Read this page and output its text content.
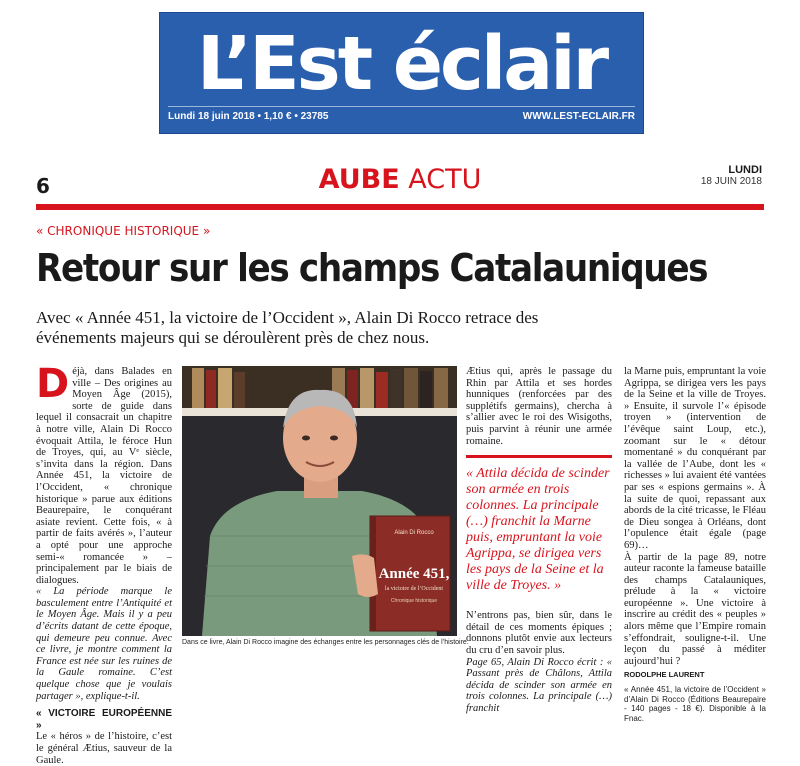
L’Est éclair
Lundi 18 juin 2018 • 1,10 € • 23785	WWW.LEST-ECLAIR.FR
6	AUBE ACTU	LUNDI
18 JUIN 2018
« CHRONIQUE HISTORIQUE »
Retour sur les champs Catalauniques
Avec « Année 451, la victoire de l’Occident », Alain Di Rocco retrace des événements majeurs qui se déroulèrent près de chez nous.
D éjà, dans Balades en ville – Des origines au Moyen Âge (2015), sorte de guide dans lequel il consacrait un chapitre à notre ville, Alain Di Rocco évoquait Attila, le féroce Hun de Troyes, qui, au Vᵉ siècle, s’invita dans la région. Dans Année 451, la victoire de l’Occident, « chronique historique » parue aux éditions Beaurepaire, le conquérant asiate revient. Cette fois, « à partir de faits avérés », l’auteur a opté pour une approche semi-« romancée » – principalement par le biais de dialogues.
« La période marque le basculement entre l’Antiquité et le Moyen Âge. Mais il y a peu d’écrits datant de cette époque, qui demeure peu connue. Avec ce livre, je montre comment la France est née sur les ruines de la Gaule romaine. C’est quelque chose que je voulais partager », explique-t-il.
« VICTOIRE EUROPÉENNE »
Le « héros » de l’histoire, c’est le général Ætius, sauveur de la Gaule.
Alain Di Rocco
Année 451,
la victoire de l’Occident
Chronique historique
Dans ce livre, Alain Di Rocco imagine des échanges entre les personnages clés de l’histoire.
Ætius qui, après le passage du Rhin par Attila et ses hordes hunniques (renforcées par des supplétifs germains), chercha à s’allier avec le roi des Wisigoths, puis parvint à réunir une armée romaine.
« Attila décida de scinder son armée en trois colonnes. La principale (…) franchit la Marne puis, empruntant la voie Agrippa, se dirigea vers les pays de la Seine et la ville de Troyes. »
N’entrons pas, bien sûr, dans le détail de ces moments épiques ; donnons plutôt envie aux lecteurs du cru d’en savoir plus.
Page 65, Alain Di Rocco écrit : « Passant près de Châlons, Attila décida de scinder son armée en trois colonnes. La principale (…) franchit
la Marne puis, empruntant la voie Agrippa, se dirigea vers les pays de la Seine et la ville de Troyes. » Ensuite, il survole l’« épisode troyen » (intervention de l’évêque saint Loup, etc.), zoomant sur le « détour momentané » du conquérant par la vallée de l’Aube, dont les « richesses » lui avaient été vantées par ses « espions germains ». À la suite de quoi, repassant aux abords de la cité tricasse, le Fléau de Dieu songea à Orléans, dont l’opulence était égale (page 69)…
À partir de la page 89, notre auteur raconte la fameuse bataille des champs Catalauniques, prélude à la « victoire européenne ». Une victoire à inscrire au crédit des « peuples » alors même que l’Empire romain s’effondrait, souligne-t-il. Une leçon du passé à méditer aujourd’hui ?
RODOLPHE LAURENT
« Année 451, la victoire de l’Occident » d’Alain Di Rocco (Éditions Beaurepaire - 140 pages - 18 €). Disponible à la Fnac.
